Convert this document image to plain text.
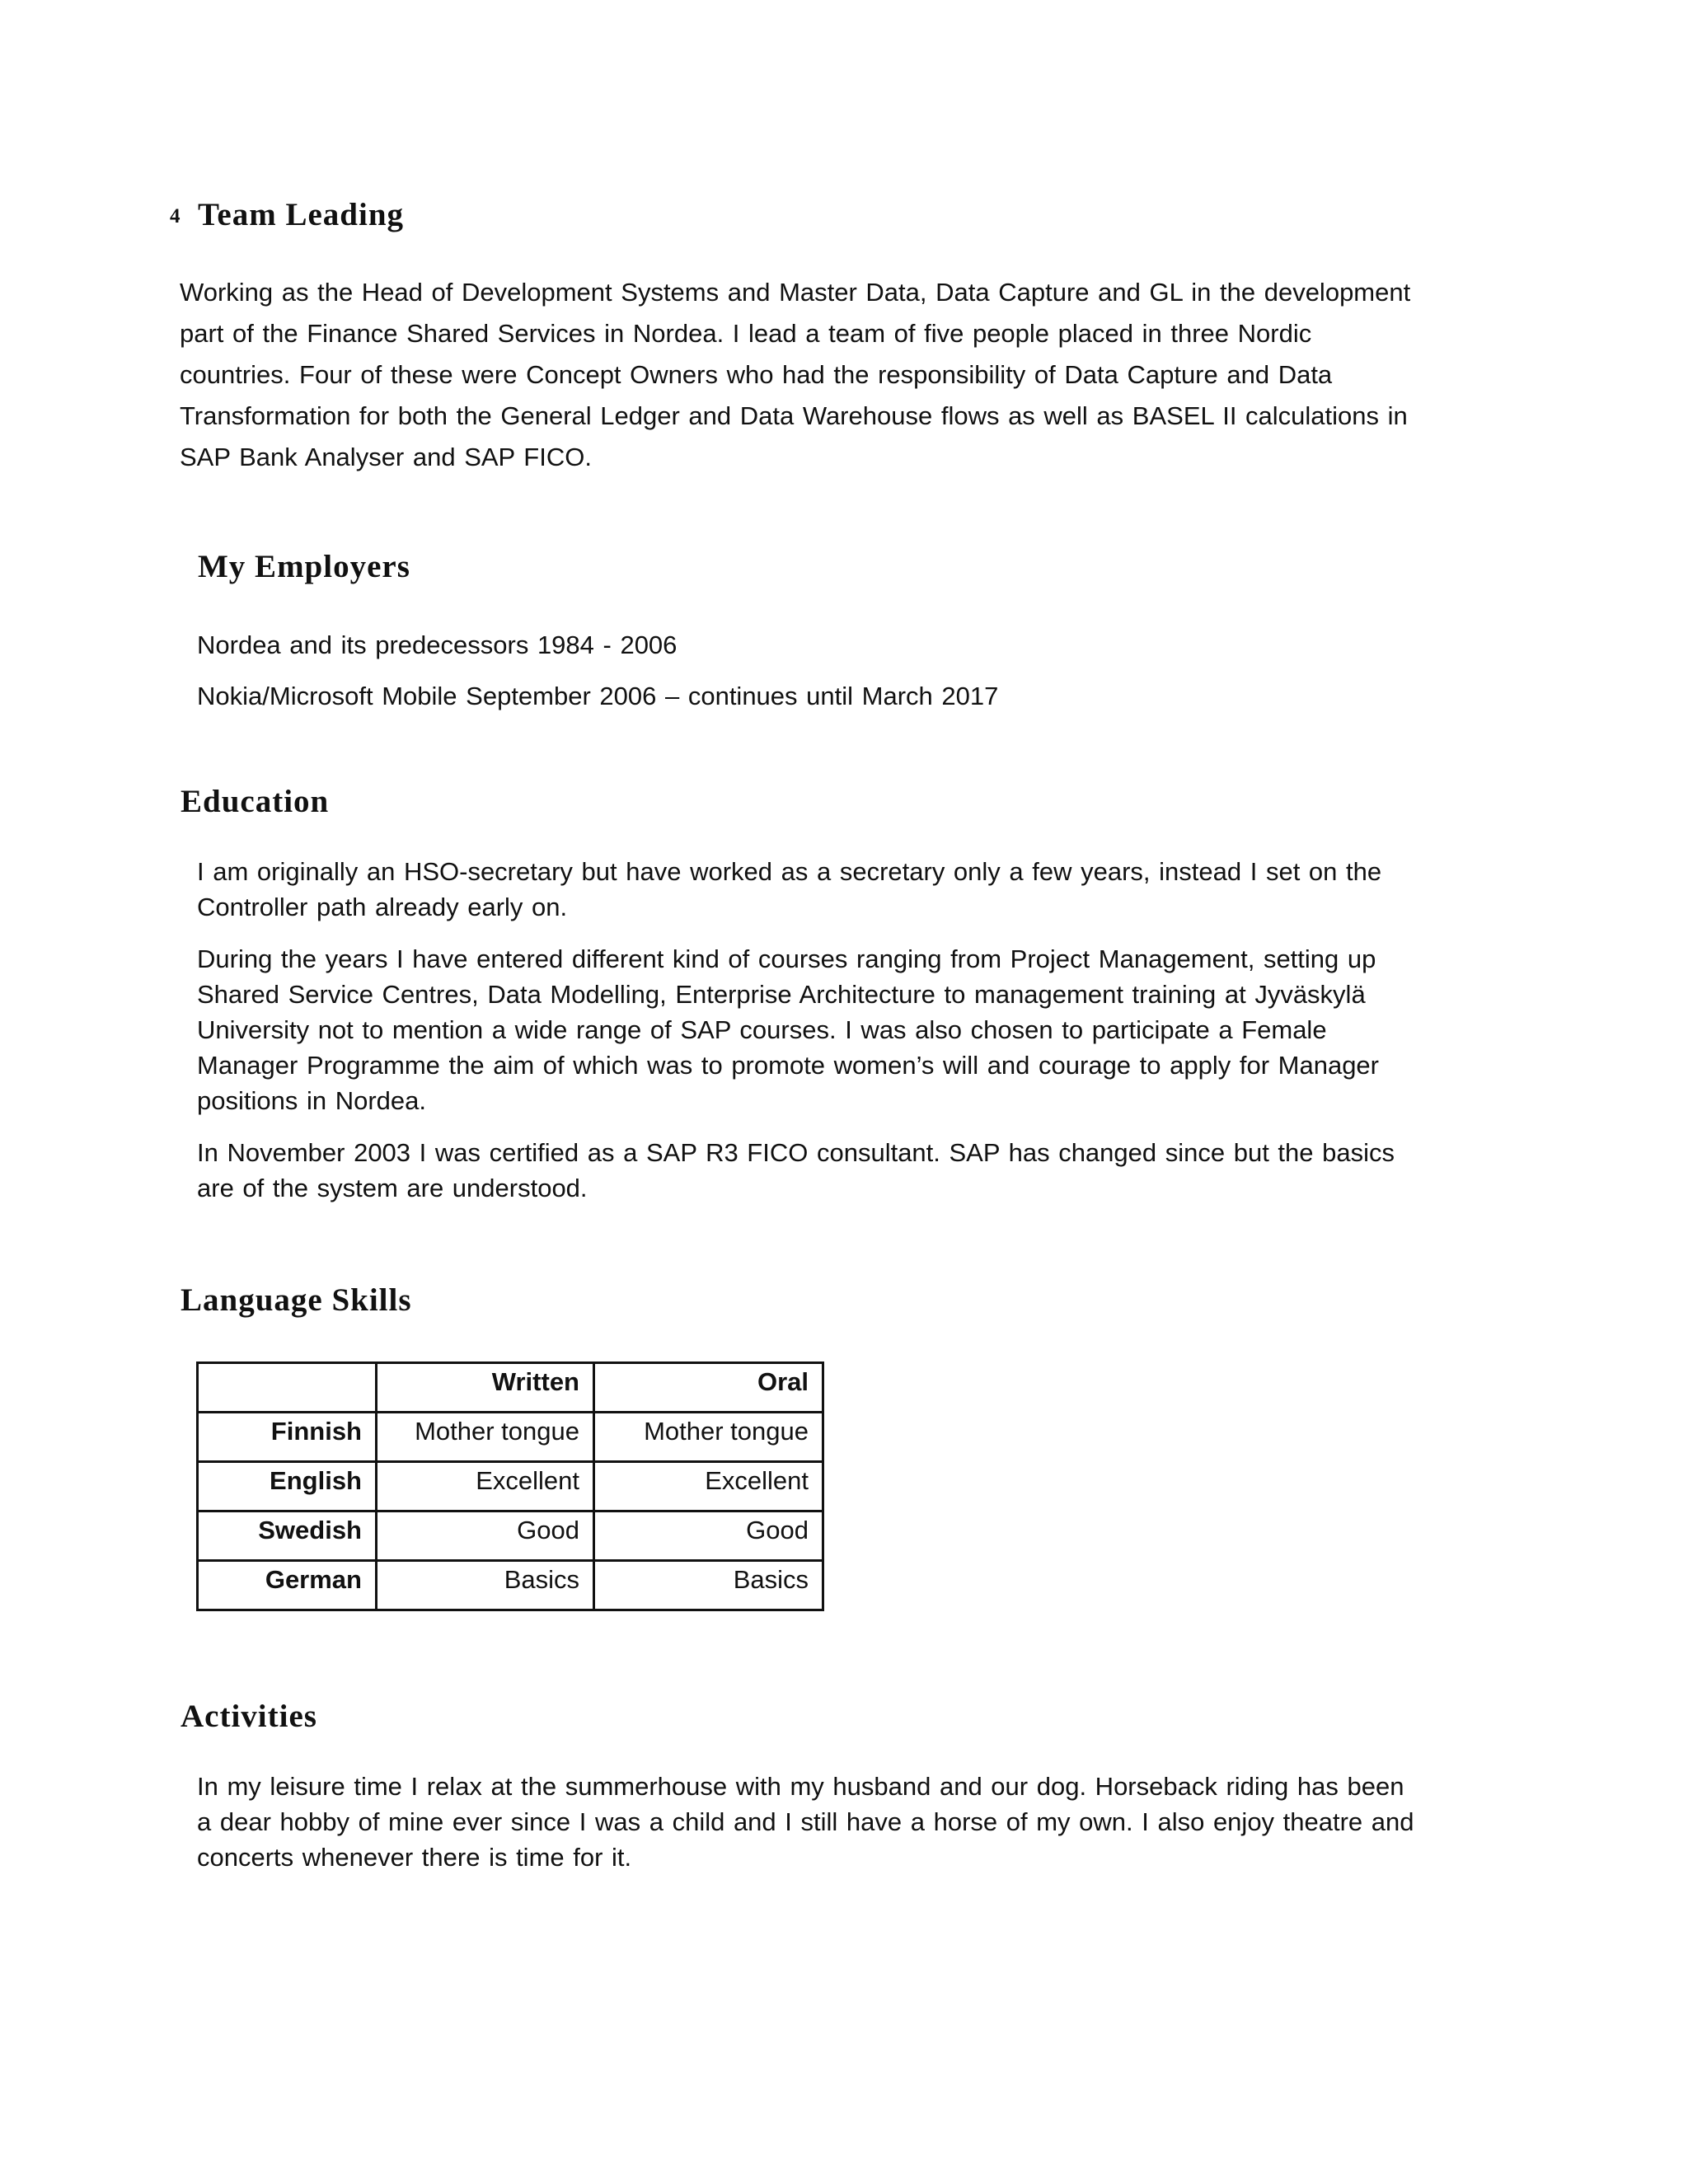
4 Team Leading
Working as the Head of Development Systems and Master Data, Data Capture and GL in the development
part of the Finance Shared Services in Nordea. I lead a team of five people placed in three Nordic
countries. Four of these were Concept Owners who had the responsibility of Data Capture and Data
Transformation for both the General Ledger and Data Warehouse flows as well as BASEL II calculations in
SAP Bank Analyser and SAP FICO.
My Employers
Nordea and its predecessors 1984 - 2006
Nokia/Microsoft Mobile September 2006 – continues until March 2017
Education
I am originally an HSO-secretary but have worked as a secretary only a few years, instead I set on the
Controller path already early on.
During the years I have entered different kind of courses ranging from Project Management, setting up
Shared Service Centres, Data Modelling, Enterprise Architecture to management training at Jyväskylä
University not to mention a wide range of SAP courses. I was also chosen to participate a Female
Manager Programme the aim of which was to promote women’s will and courage to apply for Manager
positions in Nordea.
In November 2003 I was certified as a SAP R3 FICO consultant. SAP has changed since but the basics
are of the system are understood.
Language Skills
	Written	Oral
Finnish	Mother tongue	Mother tongue
English	Excellent	Excellent
Swedish	Good	Good
German	Basics	Basics
Activities
In my leisure time I relax at the summerhouse with my husband and our dog. Horseback riding has been
a dear hobby of mine ever since I was a child and I still have a horse of my own. I also enjoy theatre and
concerts whenever there is time for it.
